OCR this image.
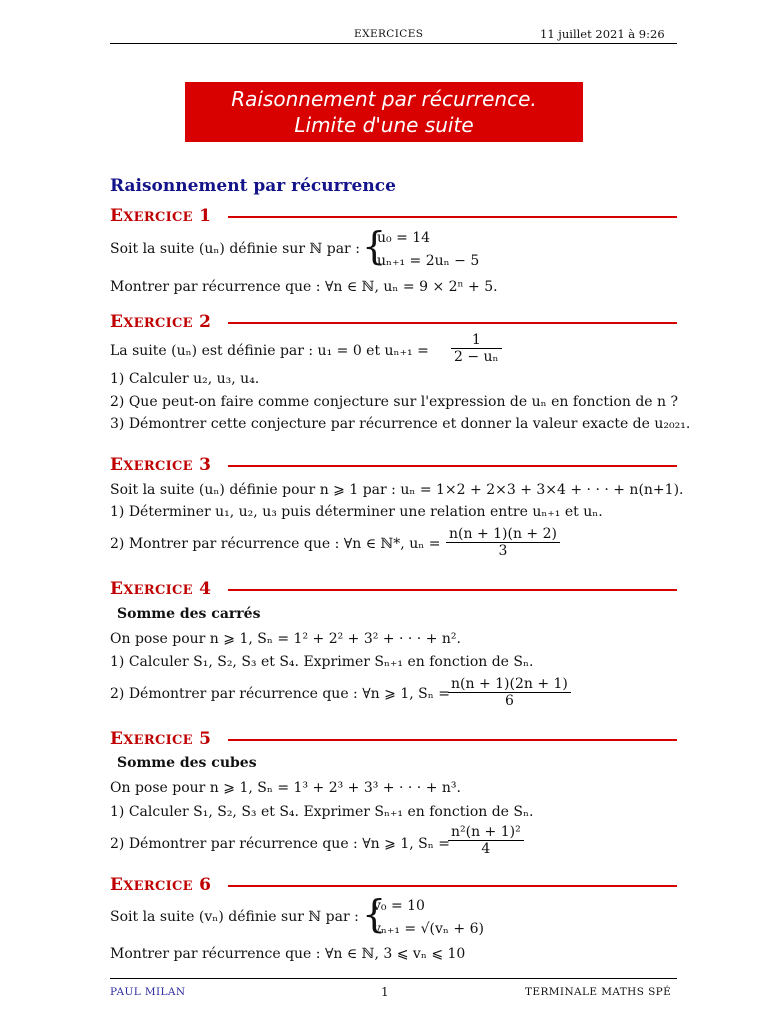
EXERCICES	11 juillet 2021 à 9:26
Raisonnement par récurrence.
Limite d'une suite
Raisonnement par récurrence
EXERCICE 1
Soit la suite (uₙ) définie sur ℕ par : {
u₀ = 14
uₙ₊₁ = 2uₙ − 5
Montrer par récurrence que : ∀n ∈ ℕ, uₙ = 9 × 2ⁿ + 5.
EXERCICE 2
La suite (uₙ) est définie par : u₁ = 0 et $u_{n+1} = \frac{1}{\text{2 − uₙ}}$
1) Calculer u₂, u₃, u₄.
2) Que peut-on faire comme conjecture sur l'expression de uₙ en fonction de n ?
3) Démontrer cette conjecture par récurrence et donner la valeur exacte de u₂₀₂₁.
EXERCICE 3
Soit la suite (uₙ) définie pour n ⩾ 1 par : uₙ = 1×2 + 2×3 + 3×4 + · · · + n(n+1).
1) Déterminer u₁, u₂, u₃ puis déterminer une relation entre uₙ₊₁ et uₙ.
2) Montrer par récurrence que : ∀n ∈ ℕ*, $u_n = \frac{n(n + 1)(n + 2)}{3}$
EXERCICE 4
Somme des carrés
On pose pour n ⩾ 1, Sₙ = 1² + 2² + 3² + · · · + n².
1) Calculer S₁, S₂, S₃ et S₄. Exprimer Sₙ₊₁ en fonction de Sₙ.
2) Démontrer par récurrence que : ∀n ⩾ 1, Sₙ =
$\frac{n(n + 1)(2n + 1)}{6}$
EXERCICE 5
Somme des cubes
On pose pour n ⩾ 1, Sₙ = 1³ + 2³ + 3³ + · · · + n³.
1) Calculer S₁, S₂, S₃ et S₄. Exprimer Sₙ₊₁ en fonction de Sₙ.
2) Démontrer par récurrence que : ∀n ⩾ 1, Sₙ =
$\frac{\text{n²(n + 1)²}}{4}$
EXERCICE 6
Soit la suite (vₙ) définie sur ℕ par : {
v₀ = 10
vₙ₊₁ = √(vₙ + 6)
Montrer par récurrence que : ∀n ∈ ℕ, 3 ⩽ vₙ ⩽ 10
PAUL MILAN	1	TERMINALE MATHS SPÉ
